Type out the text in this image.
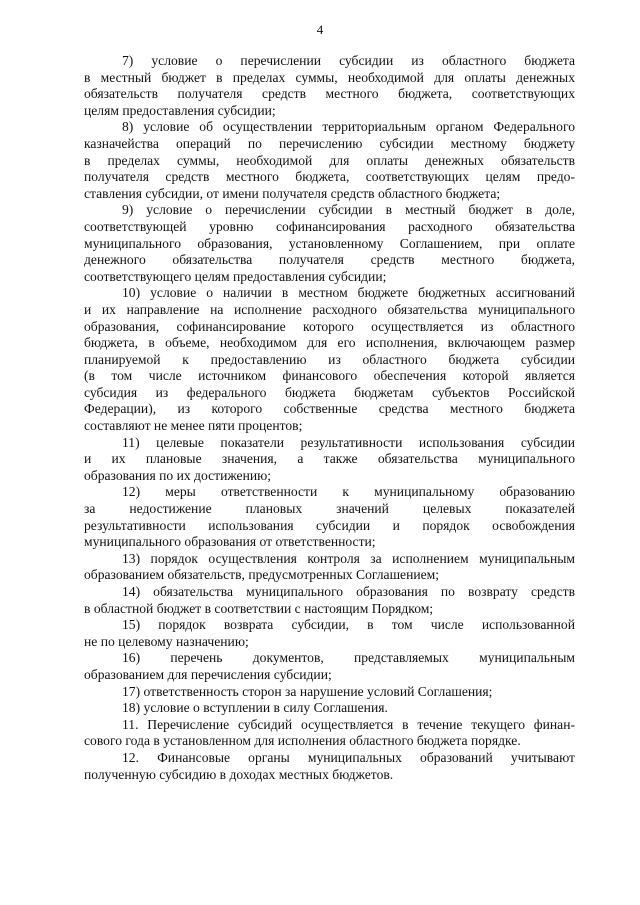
4
7) условие о перечислении субсидии из областного бюджета
в местный бюджет в пределах суммы, необходимой для оплаты денежных
обязательств получателя средств местного бюджета, соответствующих
целям предоставления субсидии;
8) условие об осуществлении территориальным органом Федерального
казначейства операций по перечислению субсидии местному бюджету
в пределах суммы, необходимой для оплаты денежных обязательств
получателя средств местного бюджета, соответствующих целям предо-
ставления субсидии, от имени получателя средств областного бюджета;
9) условие о перечислении субсидии в местный бюджет в доле,
соответствующей уровню софинансирования расходного обязательства
муниципального образования, установленному Соглашением, при оплате
денежного обязательства получателя средств местного бюджета,
соответствующего целям предоставления субсидии;
10) условие о наличии в местном бюджете бюджетных ассигнований
и их направление на исполнение расходного обязательства муниципального
образования, софинансирование которого осуществляется из областного
бюджета, в объеме, необходимом для его исполнения, включающем размер
планируемой к предоставлению из областного бюджета субсидии
(в том числе источником финансового обеспечения которой является
субсидия из федерального бюджета бюджетам субъектов Российской
Федерации), из которого собственные средства местного бюджета
составляют не менее пяти процентов;
11) целевые показатели результативности использования субсидии
и их плановые значения, а также обязательства муниципального
образования по их достижению;
12) меры ответственности к муниципальному образованию
за недостижение плановых значений целевых показателей
результативности использования субсидии и порядок освобождения
муниципального образования от ответственности;
13) порядок осуществления контроля за исполнением муниципальным
образованием обязательств, предусмотренных Соглашением;
14) обязательства муниципального образования по возврату средств
в областной бюджет в соответствии с настоящим Порядком;
15) порядок возврата субсидии, в том числе использованной
не по целевому назначению;
16) перечень документов, представляемых муниципальным
образованием для перечисления субсидии;
17) ответственность сторон за нарушение условий Соглашения;
18) условие о вступлении в силу Соглашения.
11. Перечисление субсидий осуществляется в течение текущего финан-
сового года в установленном для исполнения областного бюджета порядке.
12. Финансовые органы муниципальных образований учитывают
полученную субсидию в доходах местных бюджетов.
